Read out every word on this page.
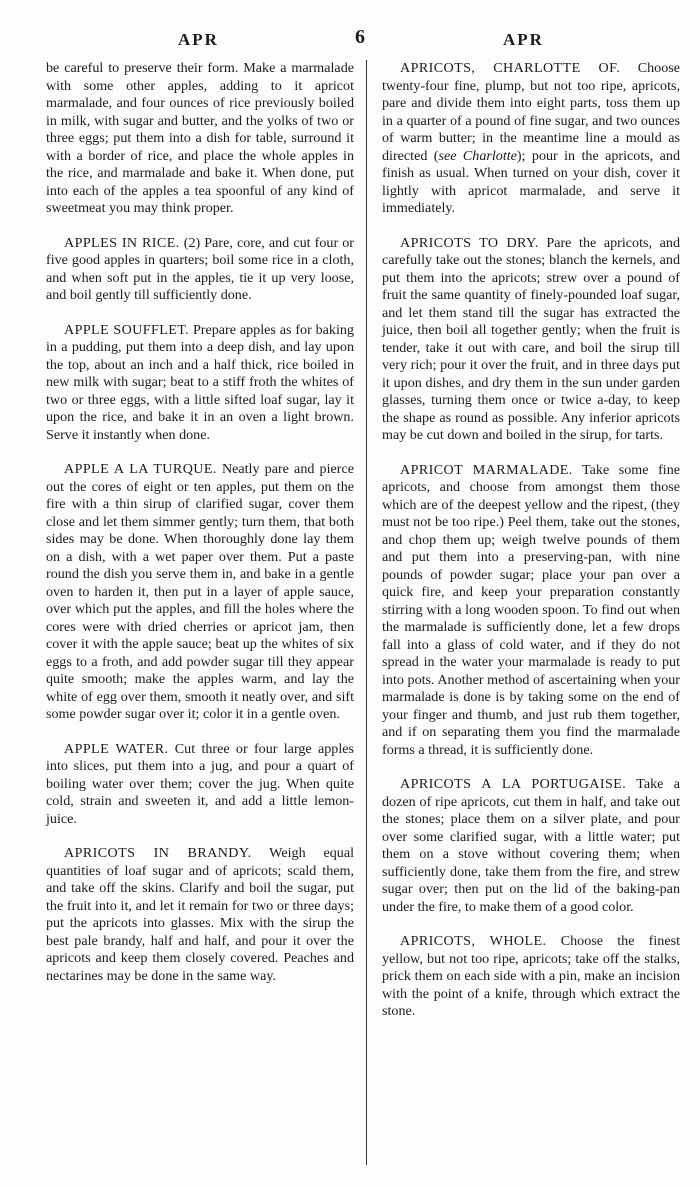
APR	6	APR

be careful to preserve their form. Make a marmalade with some other apples, adding to it apricot marmalade, and four ounces of rice previously boiled in milk, with sugar and butter, and the yolks of two or three eggs; put them into a dish for table, surround it with a border of rice, and place the whole apples in the rice, and marmalade and bake it. When done, put into each of the apples a tea spoonful of any kind of sweetmeat you may think proper.

APPLES IN RICE. (2) Pare, core, and cut four or five good apples in quarters; boil some rice in a cloth, and when soft put in the apples, tie it up very loose, and boil gently till sufficiently done.

APPLE SOUFFLET. Prepare apples as for baking in a pudding, put them into a deep dish, and lay upon the top, about an inch and a half thick, rice boiled in new milk with sugar; beat to a stiff froth the whites of two or three eggs, with a little sifted loaf sugar, lay it upon the rice, and bake it in an oven a light brown. Serve it instantly when done.

APPLE A LA TURQUE. Neatly pare and pierce out the cores of eight or ten apples, put them on the fire with a thin sirup of clarified sugar, cover them close and let them simmer gently; turn them, that both sides may be done. When thoroughly done lay them on a dish, with a wet paper over them. Put a paste round the dish you serve them in, and bake in a gentle oven to harden it, then put in a layer of apple sauce, over which put the apples, and fill the holes where the cores were with dried cherries or apricot jam, then cover it with the apple sauce; beat up the whites of six eggs to a froth, and add powder sugar till they appear quite smooth; make the apples warm, and lay the white of egg over them, smooth it neatly over, and sift some powder sugar over it; color it in a gentle oven.

APPLE WATER. Cut three or four large apples into slices, put them into a jug, and pour a quart of boiling water over them; cover the jug. When quite cold, strain and sweeten it, and add a little lemon-juice.

APRICOTS IN BRANDY. Weigh equal quantities of loaf sugar and of apricots; scald them, and take off the skins. Clarify and boil the sugar, put the fruit into it, and let it remain for two or three days; put the apricots into glasses. Mix with the sirup the best pale brandy, half and half, and pour it over the apricots and keep them closely covered. Peaches and nectarines may be done in the same way.

APRICOTS, CHARLOTTE OF. Choose twenty-four fine, plump, but not too ripe, apricots, pare and divide them into eight parts, toss them up in a quarter of a pound of fine sugar, and two ounces of warm butter; in the meantime line a mould as directed (see Charlotte); pour in the apricots, and finish as usual. When turned on your dish, cover it lightly with apricot marmalade, and serve it immediately.

APRICOTS TO DRY. Pare the apricots, and carefully take out the stones; blanch the kernels, and put them into the apricots; strew over a pound of fruit the same quantity of finely-pounded loaf sugar, and let them stand till the sugar has extracted the juice, then boil all together gently; when the fruit is tender, take it out with care, and boil the sirup till very rich; pour it over the fruit, and in three days put it upon dishes, and dry them in the sun under garden glasses, turning them once or twice a-day, to keep the shape as round as possible. Any inferior apricots may be cut down and boiled in the sirup, for tarts.

APRICOT MARMALADE. Take some fine apricots, and choose from amongst them those which are of the deepest yellow and the ripest, (they must not be too ripe.) Peel them, take out the stones, and chop them up; weigh twelve pounds of them and put them into a preserving-pan, with nine pounds of powder sugar; place your pan over a quick fire, and keep your preparation constantly stirring with a long wooden spoon. To find out when the marmalade is sufficiently done, let a few drops fall into a glass of cold water, and if they do not spread in the water your marmalade is ready to put into pots. Another method of ascertaining when your marmalade is done is by taking some on the end of your finger and thumb, and just rub them together, and if on separating them you find the marmalade forms a thread, it is sufficiently done.

APRICOTS A LA PORTUGAISE. Take a dozen of ripe apricots, cut them in half, and take out the stones; place them on a silver plate, and pour over some clarified sugar, with a little water; put them on a stove without covering them; when sufficiently done, take them from the fire, and strew sugar over; then put on the lid of the baking-pan under the fire, to make them of a good color.

APRICOTS, WHOLE. Choose the finest yellow, but not too ripe, apricots; take off the stalks, prick them on each side with a pin, make an incision with the point of a knife, through which extract the stone.
